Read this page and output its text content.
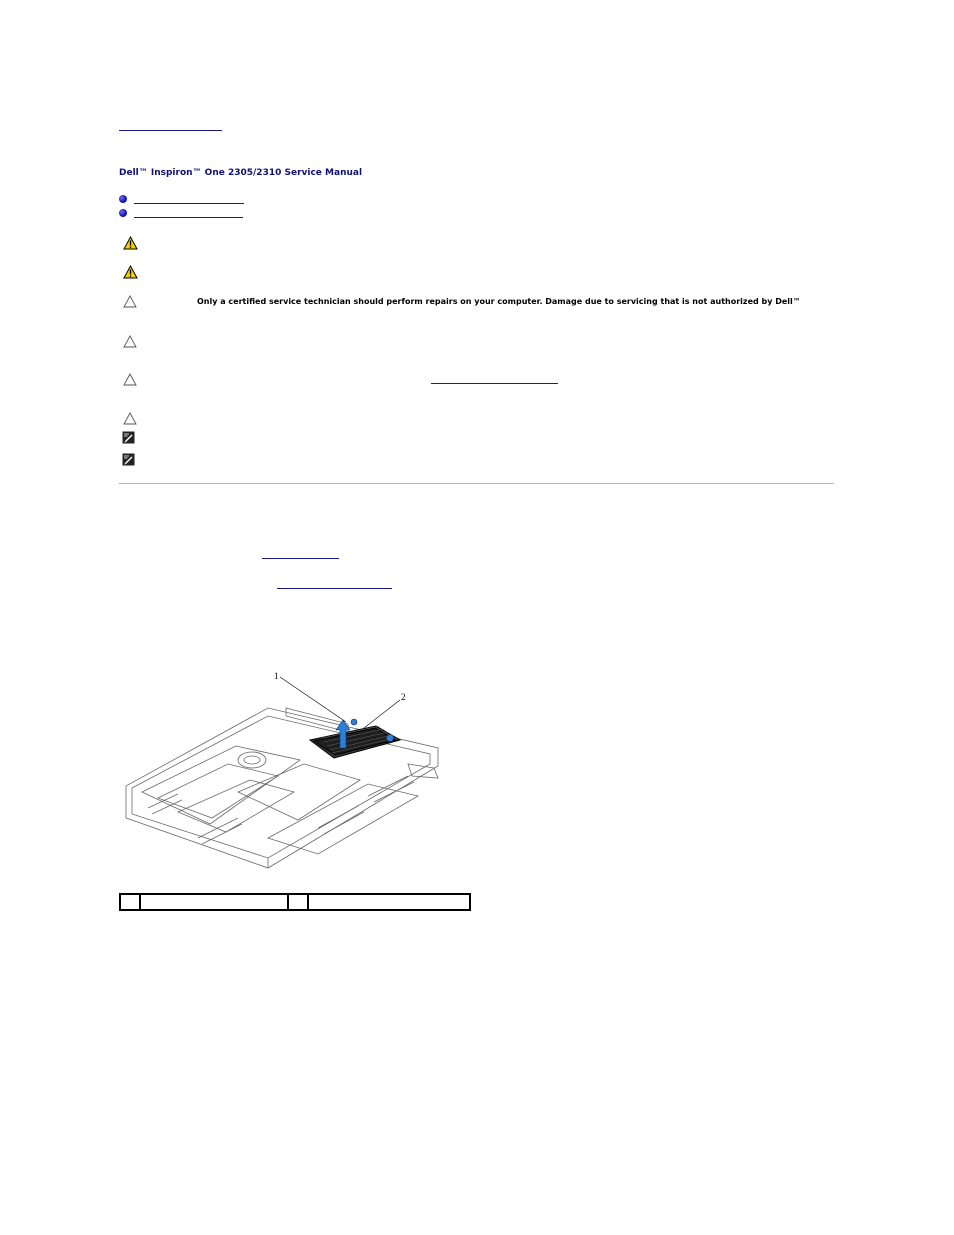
Dell™ Inspiron™ One 2305/2310 Service Manual
Only a certified service technician should perform repairs on your computer. Damage due to servicing that is not authorized by Dell™
1
2
